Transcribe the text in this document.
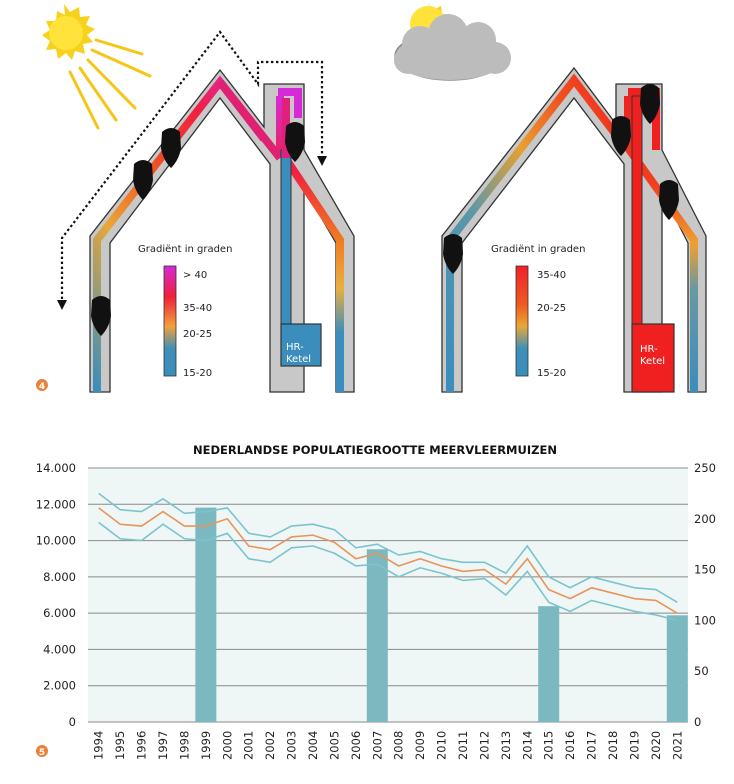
HR-
Ketel
Gradiënt in graden
> 40
35-40
20-25
15-20
HR-
Ketel
Gradiënt in graden
35-40
20-25
15-20
4
NEDERLANDSE POPULATIEGROOTTE MEERVLEERMUIZEN
0
2.000
4.000
6.000
8.000
10.000
12.000
14.000
0
50
100
150
200
250
1994 1995 1996 1997 1998 1999 2000 2001 2002 2003 2004 2005 2006 2007 2008 2009 2010 2011 2012 2013 2014 2015 2016 2017 2018 2019 2020 2021
5
